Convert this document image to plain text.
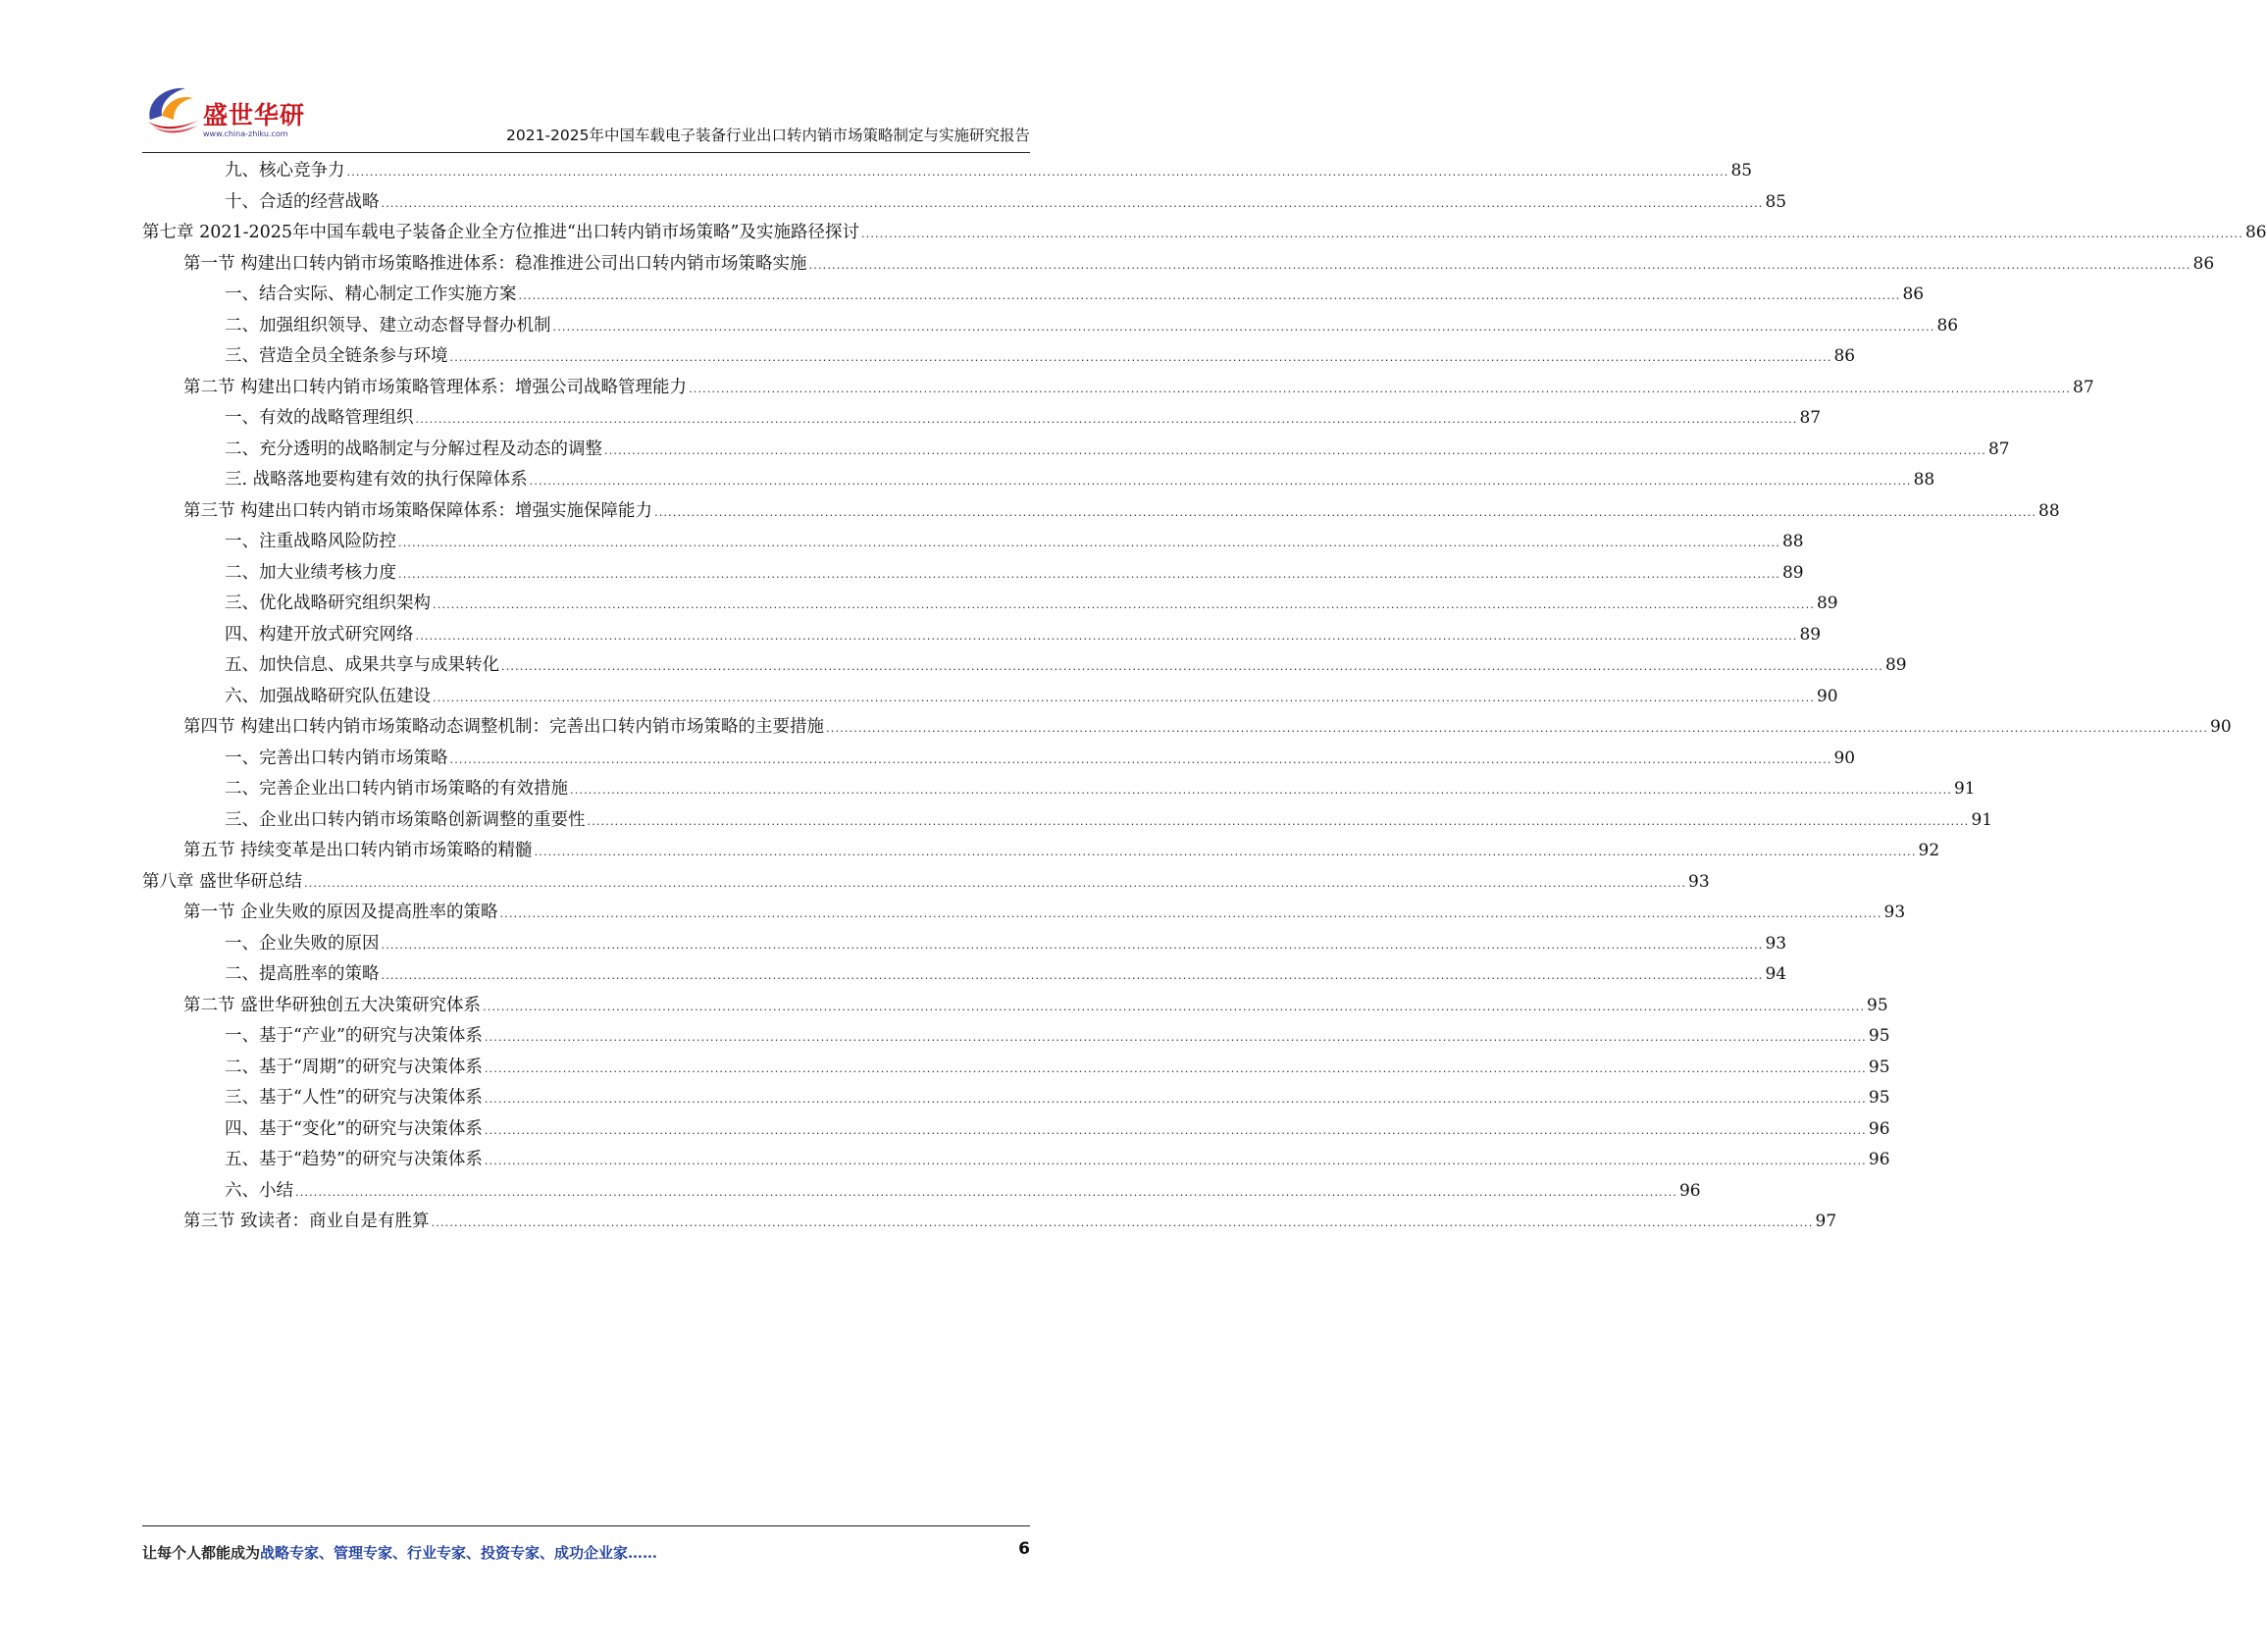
盛世华研
www.china-zhiku.com	2021-2025年中国车载电子装备行业出口转内销市场策略制定与实施研究报告
九、核心竞争力 ............................................................................................................................................................................................................................................................................................................ 85
十、合适的经营战略 ............................................................................................................................................................................................................................................................................................................ 85
第七章 2021-2025年中国车载电子装备企业全方位推进“出口转内销市场策略”及实施路径探讨 ............................................................................................................................................................................................................................................................................................................ 86
第一节 构建出口转内销市场策略推进体系：稳准推进公司出口转内销市场策略实施 ............................................................................................................................................................................................................................................................................................................ 86
一、结合实际、精心制定工作实施方案 ............................................................................................................................................................................................................................................................................................................ 86
二、加强组织领导、建立动态督导督办机制 ............................................................................................................................................................................................................................................................................................................ 86
三、营造全员全链条参与环境 ............................................................................................................................................................................................................................................................................................................ 86
第二节 构建出口转内销市场策略管理体系：增强公司战略管理能力 ............................................................................................................................................................................................................................................................................................................ 87
一、有效的战略管理组织 ............................................................................................................................................................................................................................................................................................................ 87
二、充分透明的战略制定与分解过程及动态的调整 ............................................................................................................................................................................................................................................................................................................ 87
三. 战略落地要构建有效的执行保障体系 ............................................................................................................................................................................................................................................................................................................ 88
第三节 构建出口转内销市场策略保障体系：增强实施保障能力 ............................................................................................................................................................................................................................................................................................................ 88
一、注重战略风险防控 ............................................................................................................................................................................................................................................................................................................ 88
二、加大业绩考核力度 ............................................................................................................................................................................................................................................................................................................ 89
三、优化战略研究组织架构 ............................................................................................................................................................................................................................................................................................................ 89
四、构建开放式研究网络 ............................................................................................................................................................................................................................................................................................................ 89
五、加快信息、成果共享与成果转化 ............................................................................................................................................................................................................................................................................................................ 89
六、加强战略研究队伍建设 ............................................................................................................................................................................................................................................................................................................ 90
第四节 构建出口转内销市场策略动态调整机制：完善出口转内销市场策略的主要措施 ............................................................................................................................................................................................................................................................................................................ 90
一、完善出口转内销市场策略 ............................................................................................................................................................................................................................................................................................................ 90
二、完善企业出口转内销市场策略的有效措施 ............................................................................................................................................................................................................................................................................................................ 91
三、企业出口转内销市场策略创新调整的重要性 ............................................................................................................................................................................................................................................................................................................ 91
第五节 持续变革是出口转内销市场策略的精髓 ............................................................................................................................................................................................................................................................................................................ 92
第八章 盛世华研总结 ............................................................................................................................................................................................................................................................................................................ 93
第一节 企业失败的原因及提高胜率的策略 ............................................................................................................................................................................................................................................................................................................ 93
一、企业失败的原因 ............................................................................................................................................................................................................................................................................................................ 93
二、提高胜率的策略 ............................................................................................................................................................................................................................................................................................................ 94
第二节 盛世华研独创五大决策研究体系 ............................................................................................................................................................................................................................................................................................................ 95
一、基于“产业”的研究与决策体系 ............................................................................................................................................................................................................................................................................................................ 95
二、基于“周期”的研究与决策体系 ............................................................................................................................................................................................................................................................................................................ 95
三、基于“人性”的研究与决策体系 ............................................................................................................................................................................................................................................................................................................ 95
四、基于“变化”的研究与决策体系 ............................................................................................................................................................................................................................................................................................................ 96
五、基于“趋势”的研究与决策体系 ............................................................................................................................................................................................................................................................................................................ 96
六、小结 ............................................................................................................................................................................................................................................................................................................ 96
第三节 致读者：商业自是有胜算 ............................................................................................................................................................................................................................................................................................................ 97
让每个人都能成为战略专家、管理专家、行业专家、投资专家、成功企业家……	6
